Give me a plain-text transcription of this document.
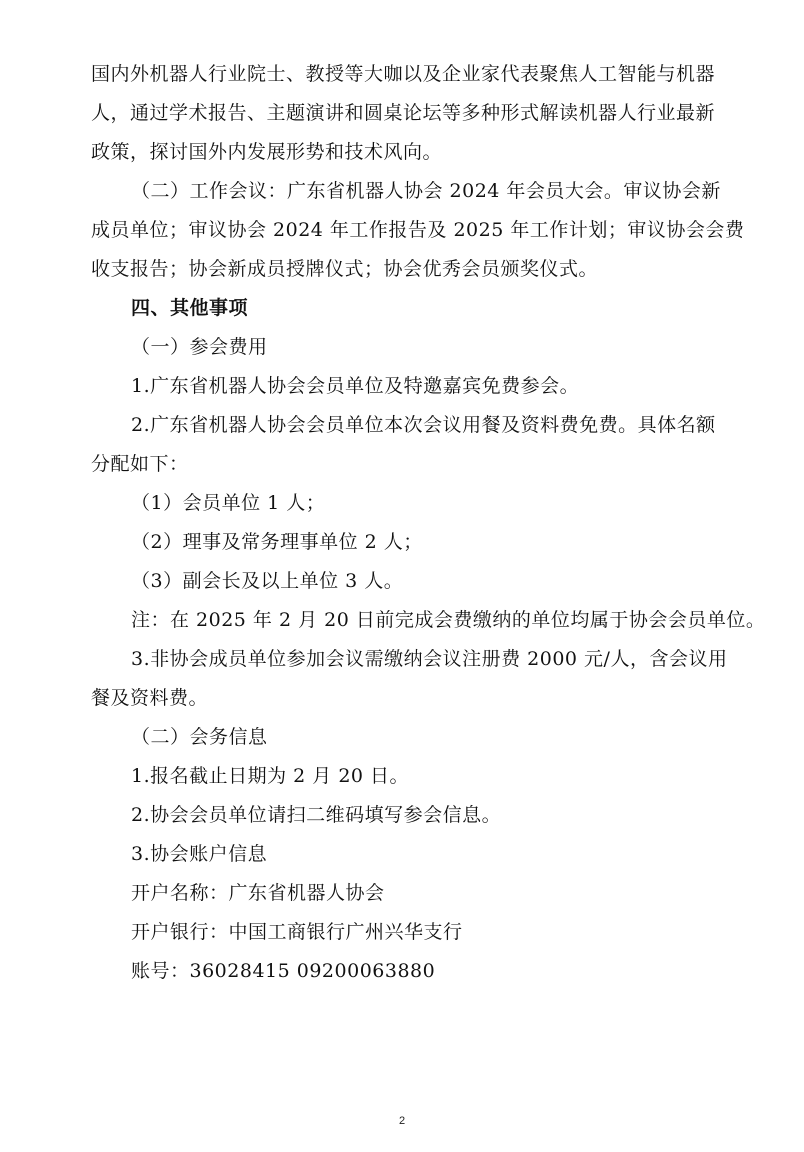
国内外机器人行业院士、教授等大咖以及企业家代表聚焦人工智能与机器
人，通过学术报告、主题演讲和圆桌论坛等多种形式解读机器人行业最新
政策，探讨国外内发展形势和技术风向。
（二）工作会议：广东省机器人协会 2024 年会员大会。审议协会新
成员单位；审议协会 2024 年工作报告及 2025 年工作计划；审议协会会费
收支报告；协会新成员授牌仪式；协会优秀会员颁奖仪式。
四、其他事项
（一）参会费用
1.广东省机器人协会会员单位及特邀嘉宾免费参会。
2.广东省机器人协会会员单位本次会议用餐及资料费免费。具体名额
分配如下：
（1）会员单位 1 人；
（2）理事及常务理事单位 2 人；
（3）副会长及以上单位 3 人。
注：在 2025 年 2 月 20 日前完成会费缴纳的单位均属于协会会员单位。
3.非协会成员单位参加会议需缴纳会议注册费 2000 元/人，含会议用
餐及资料费。
（二）会务信息
1.报名截止日期为 2 月 20 日。
2.协会会员单位请扫二维码填写参会信息。
3.协会账户信息
开户名称：广东省机器人协会
开户银行：中国工商银行广州兴华支行
账号：36028415 09200063880
2
